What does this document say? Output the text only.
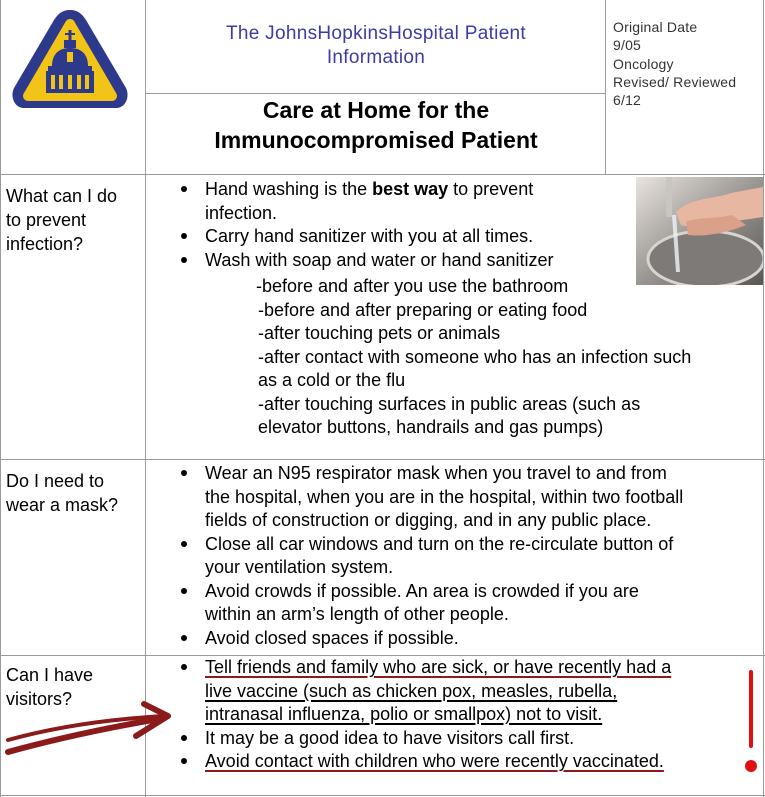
The JohnsHopkinsHospital Patient
Information
Care at Home for the
Immunocompromised Patient
Original Date
9/05
Oncology
Revised/ Reviewed
6/12
What can I do
to prevent
infection?
Hand washing is the best way to prevent
infection.
Carry hand sanitizer with you at all times.
Wash with soap and water or hand sanitizer
-before and after you use the bathroom
-before and after preparing or eating food
-after touching pets or animals
-after contact with someone who has an infection such
as a cold or the flu
-after touching surfaces in public areas (such as
elevator buttons, handrails and gas pumps)
Do I need to
wear a mask?
Wear an N95 respirator mask when you travel to and from
the hospital, when you are in the hospital, within two football
fields of construction or digging, and in any public place.
Close all car windows and turn on the re-circulate button of
your ventilation system.
Avoid crowds if possible. An area is crowded if you are
within an arm’s length of other people.
Avoid closed spaces if possible.
Can I have
visitors?
Tell friends and family who are sick, or have recently had a
live vaccine (such as chicken pox, measles, rubella,
intranasal influenza, polio or smallpox) not to visit.
It may be a good idea to have visitors call first.
Avoid contact with children who were recently vaccinated.
